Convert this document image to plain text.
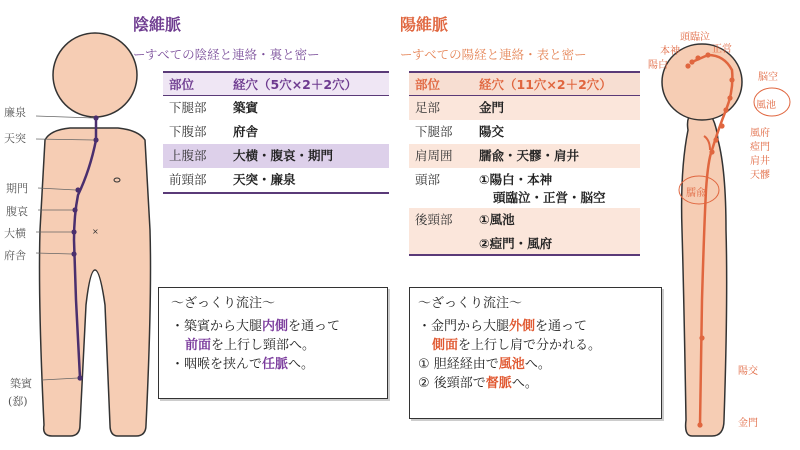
×
廉泉
天突
期門
腹哀
大横
府舎
築賓
(郄)
陰維脈
ーすべての陰経と連絡・裏と密ー
陽維脈
ーすべての陽経と連絡・表と密ー
部位	経穴（5穴×2＋2穴）
下腿部	築賓
下腹部	府舎
上腹部	大横・腹哀・期門
前頸部	天突・廉泉
部位	経穴（11穴×2＋2穴）
足部	金門
下腿部	陽交
肩周囲	臑兪・天髎・肩井
頭部	①陽白・本神
頭臨泣・正営・脳空

後頸部	①風池
②瘂門・風府
〜ざっくり流注〜
・築賓から大腿内側を通って
前面を上行し頸部へ。
・咽喉を挟んで任脈へ。
〜ざっくり流注〜
・金門から大腿外側を通って
側面を上行し肩で分かれる。
① 胆経経由で風池へ。
② 後頸部で督脈へ。
頭臨泣
本神
陽白
正営
脳空
風池
風府
瘂門
肩井
天髎
臑兪
陽交
金門
